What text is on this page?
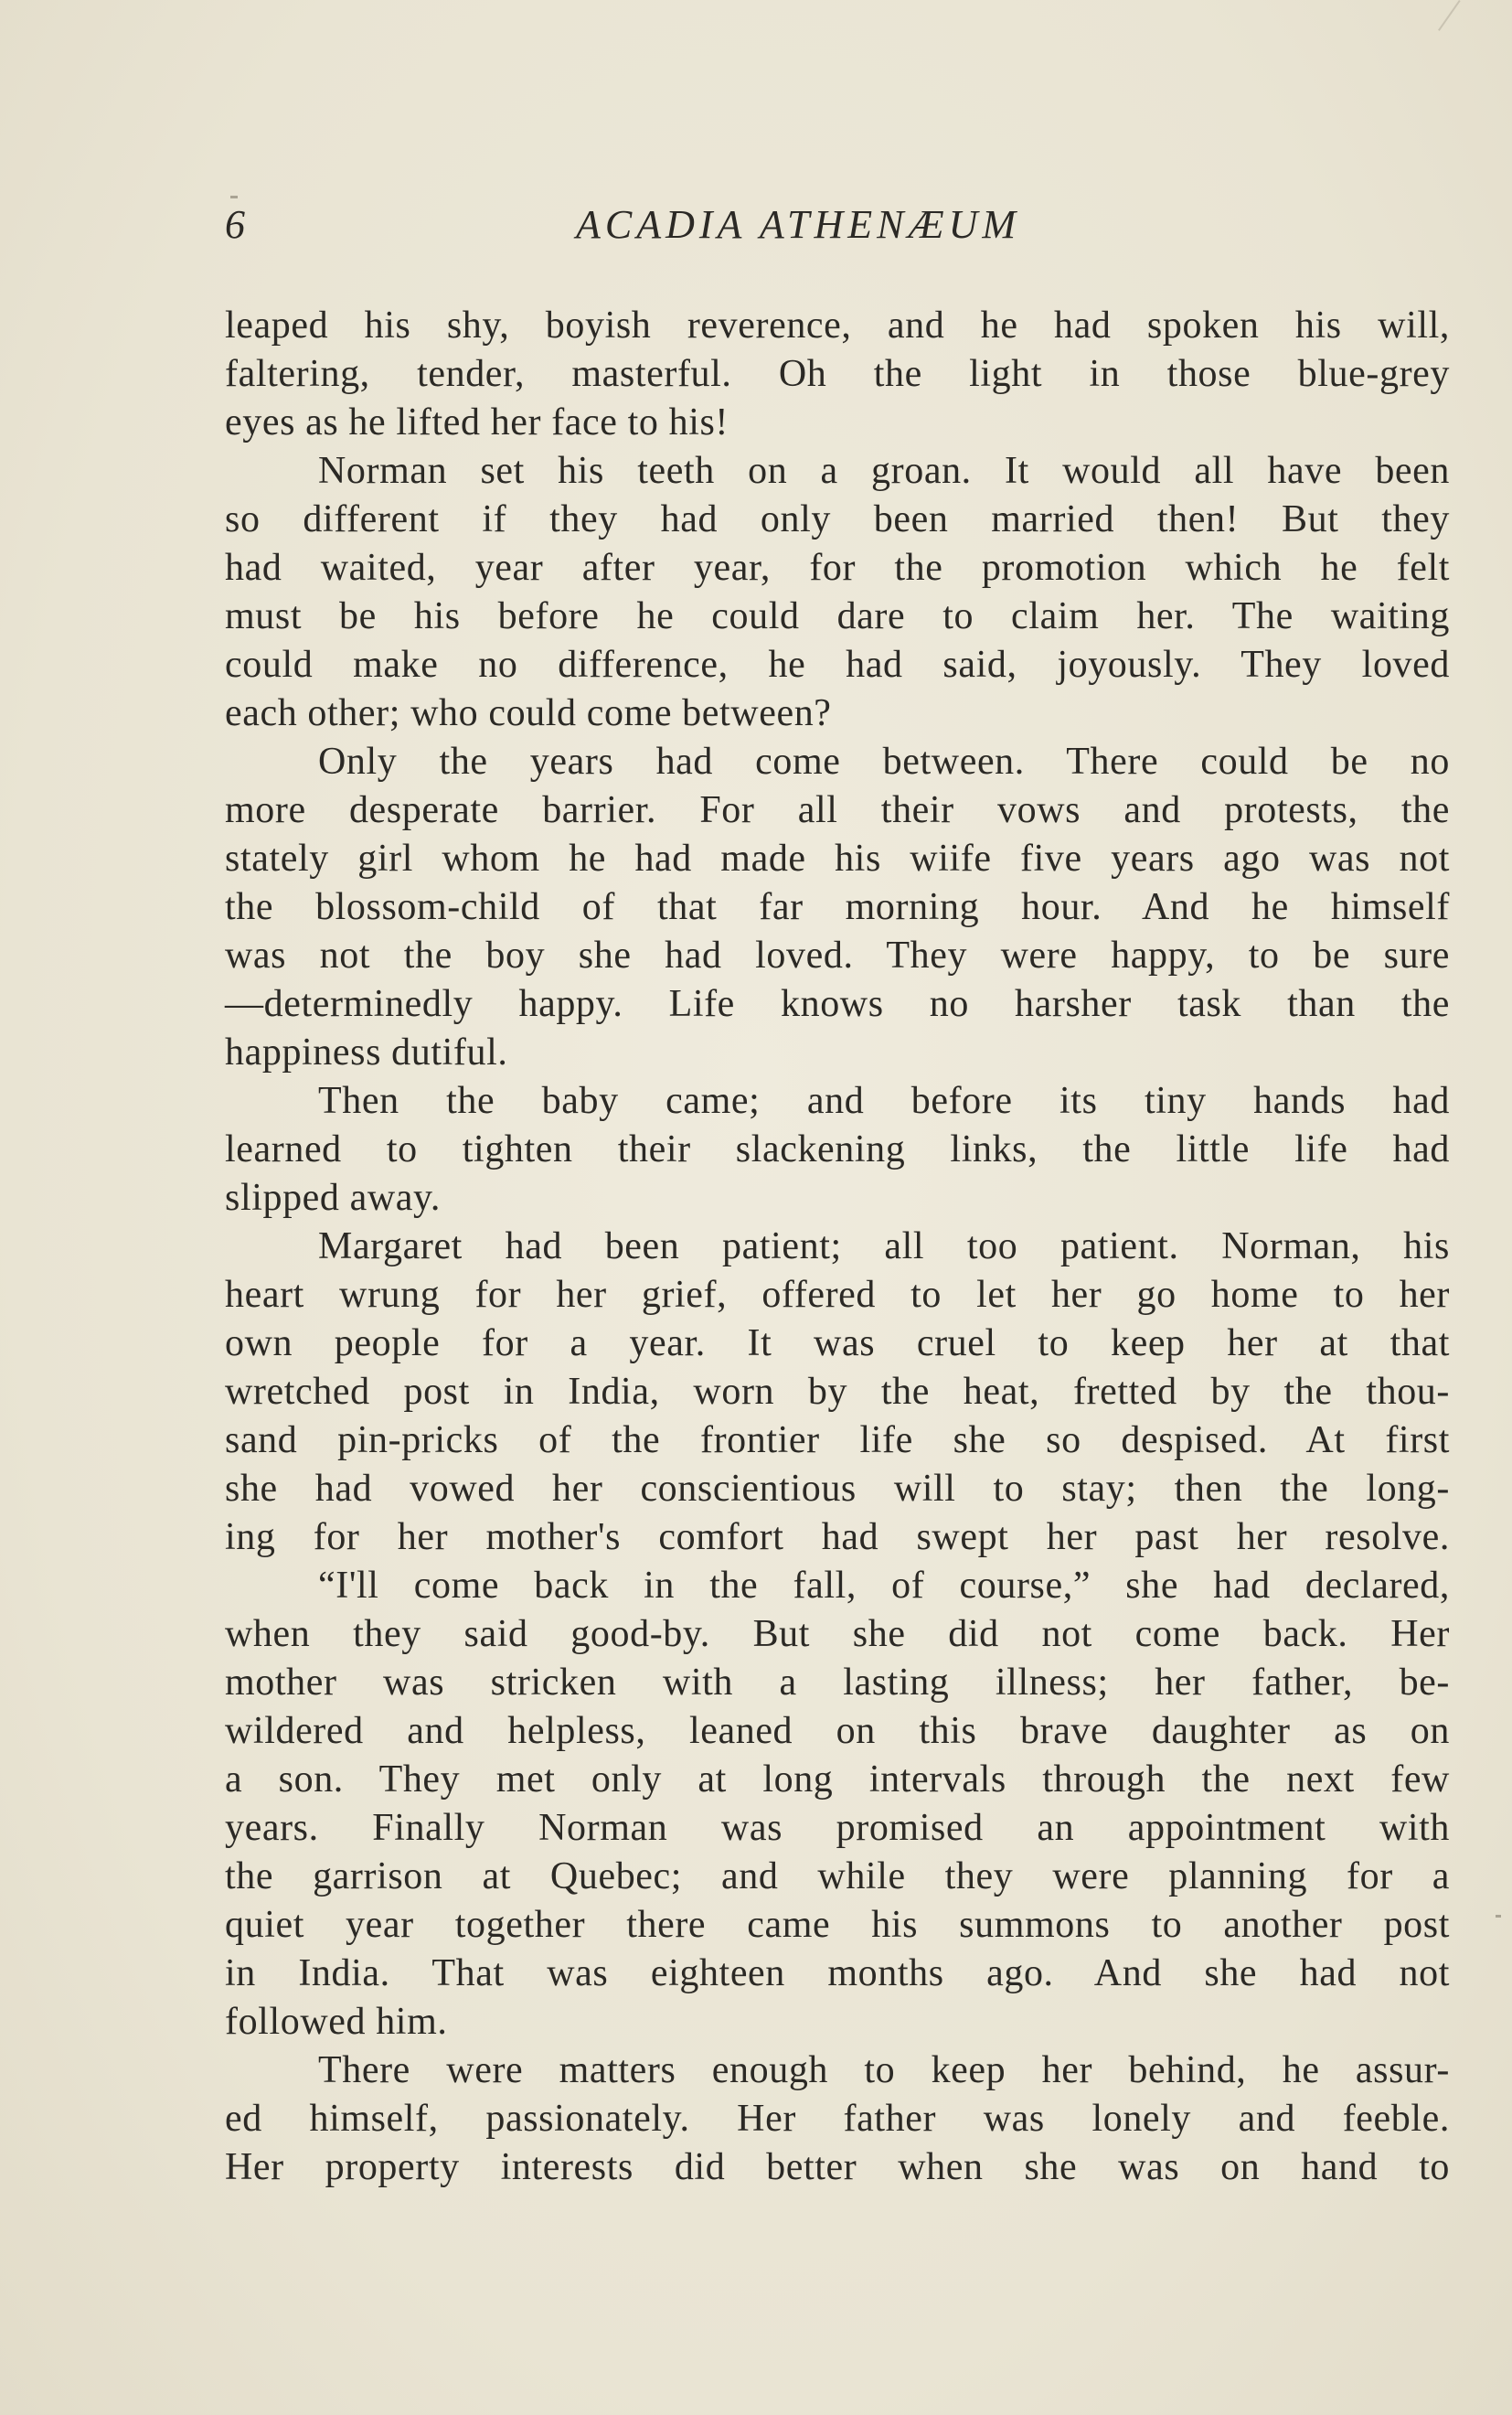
6	ACADIA ATHENÆUM
leaped his shy, boyish reverence, and he had spoken his will,
faltering, tender, masterful. Oh the light in those blue-grey
eyes as he lifted her face to his!
Norman set his teeth on a groan. It would all have been
so different if they had only been married then! But they
had waited, year after year, for the promotion which he felt
must be his before he could dare to claim her. The waiting
could make no difference, he had said, joyously. They loved
each other; who could come between?
Only the years had come between. There could be no
more desperate barrier. For all their vows and protests, the
stately girl whom he had made his wiife five years ago was not
the blossom-child of that far morning hour. And he himself
was not the boy she had loved. They were happy, to be sure
—determinedly happy. Life knows no harsher task than the
happiness dutiful.
Then the baby came; and before its tiny hands had
learned to tighten their slackening links, the little life had
slipped away.
Margaret had been patient; all too patient. Norman, his
heart wrung for her grief, offered to let her go home to her
own people for a year. It was cruel to keep her at that
wretched post in India, worn by the heat, fretted by the thou-
sand pin-pricks of the frontier life she so despised. At first
she had vowed her conscientious will to stay; then the long-
ing for her mother's comfort had swept her past her resolve.
“I'll come back in the fall, of course,” she had declared,
when they said good-by. But she did not come back. Her
mother was stricken with a lasting illness; her father, be-
wildered and helpless, leaned on this brave daughter as on
a son. They met only at long intervals through the next few
years. Finally Norman was promised an appointment with
the garrison at Quebec; and while they were planning for a
quiet year together there came his summons to another post
in India. That was eighteen months ago. And she had not
followed him.
There were matters enough to keep her behind, he assur-
ed himself, passionately. Her father was lonely and feeble.
Her property interests did better when she was on hand to
